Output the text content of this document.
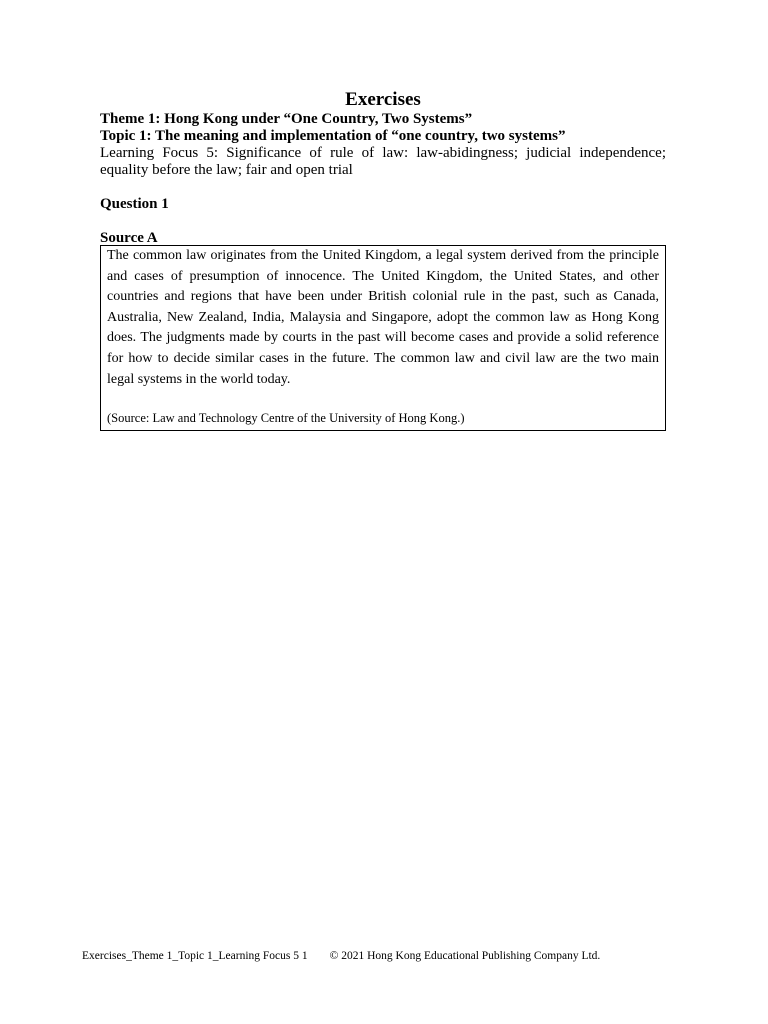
Exercises

Theme 1: Hong Kong under “One Country, Two Systems”

Topic 1: The meaning and implementation of “one country, two systems”

Learning Focus 5: Significance of rule of law: law-abidingness; judicial independence; equality before the law; fair and open trial

Question 1

Source A

The common law originates from the United Kingdom, a legal system derived from the principle and cases of presumption of innocence. The United Kingdom, the United States, and other countries and regions that have been under British colonial rule in the past, such as Canada, Australia, New Zealand, India, Malaysia and Singapore, adopt the common law as Hong Kong does. The judgments made by courts in the past will become cases and provide a solid reference for how to decide similar cases in the future. The common law and civil law are the two main legal systems in the world today.

(Source: Law and Technology Centre of the University of Hong Kong.)

Exercises_Theme 1_Topic 1_Learning Focus 5 1 © 2021 Hong Kong Educational Publishing Company Ltd.
